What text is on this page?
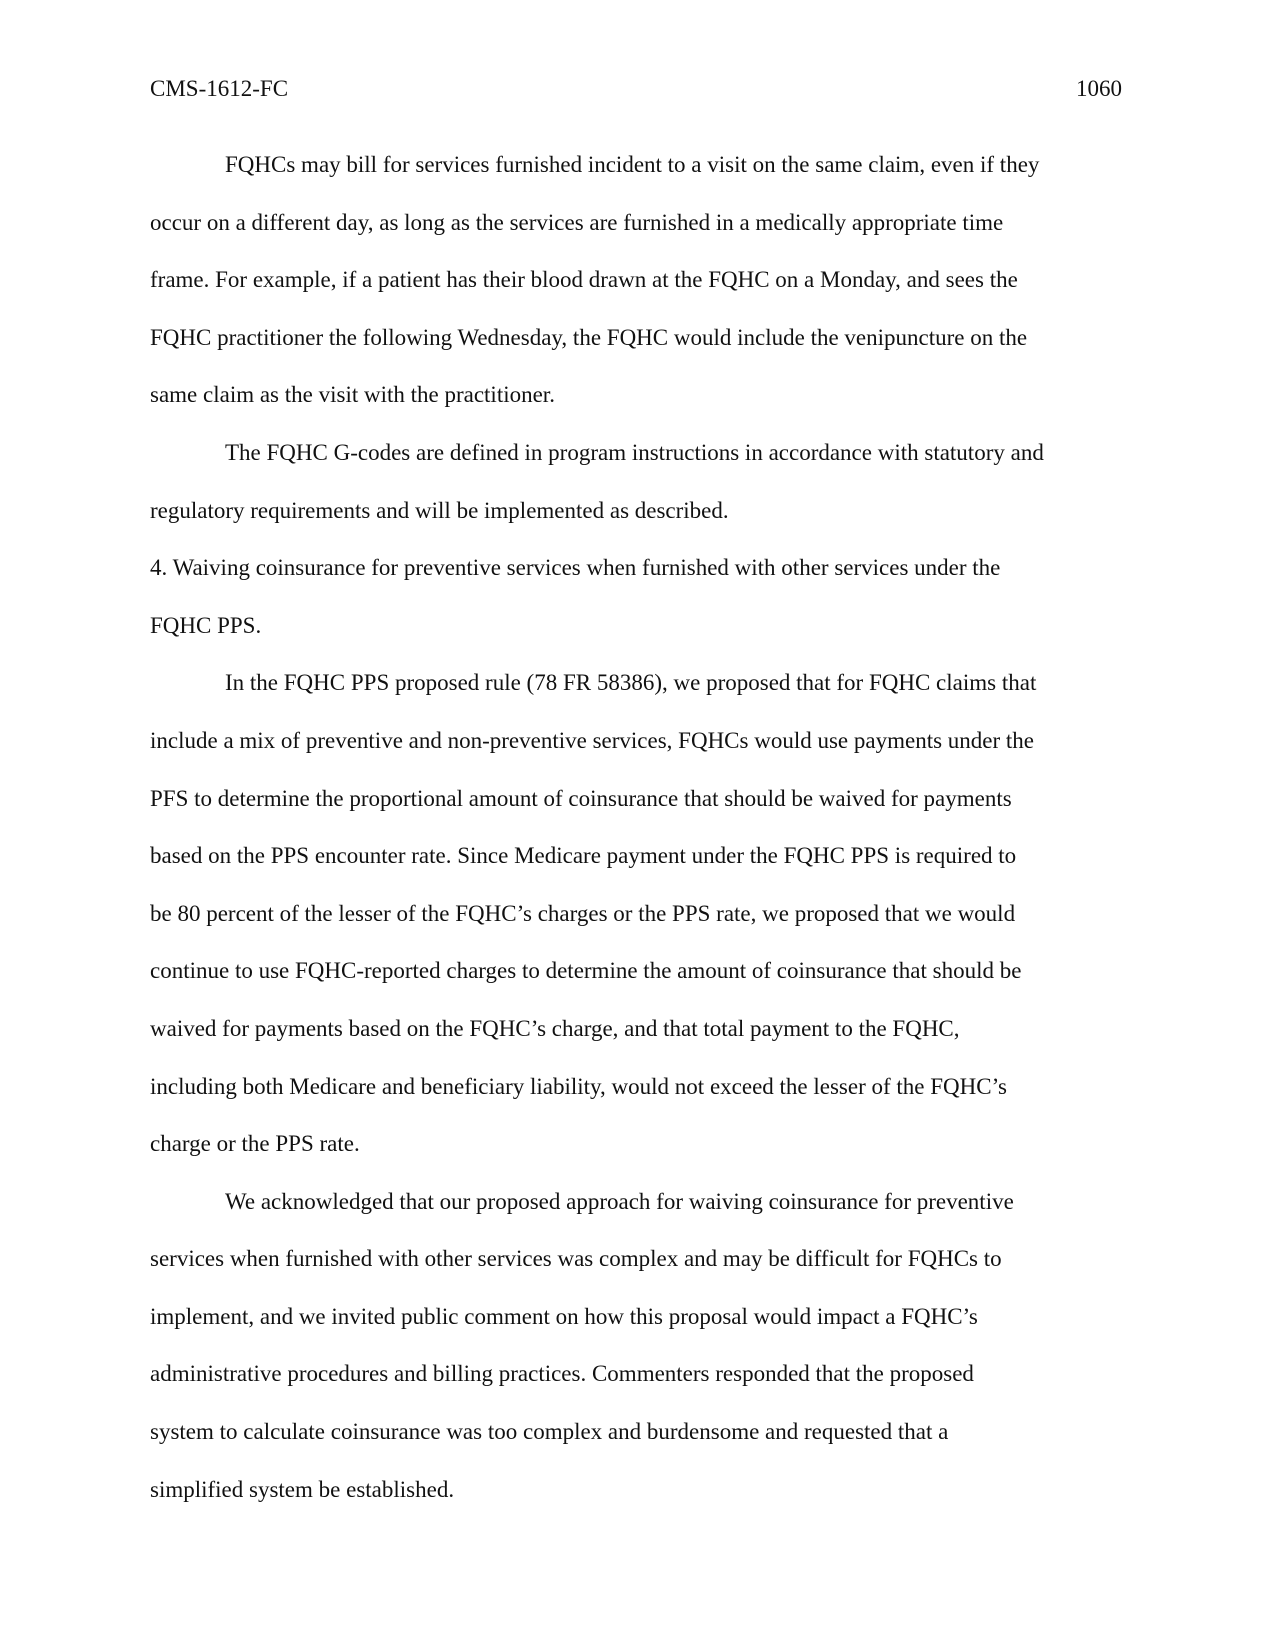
CMS-1612-FC	1060
FQHCs may bill for services furnished incident to a visit on the same claim, even if they
occur on a different day, as long as the services are furnished in a medically appropriate time
frame. For example, if a patient has their blood drawn at the FQHC on a Monday, and sees the
FQHC practitioner the following Wednesday, the FQHC would include the venipuncture on the
same claim as the visit with the practitioner.
The FQHC G-codes are defined in program instructions in accordance with statutory and
regulatory requirements and will be implemented as described.
4. Waiving coinsurance for preventive services when furnished with other services under the
FQHC PPS.
In the FQHC PPS proposed rule (78 FR 58386), we proposed that for FQHC claims that
include a mix of preventive and non-preventive services, FQHCs would use payments under the
PFS to determine the proportional amount of coinsurance that should be waived for payments
based on the PPS encounter rate. Since Medicare payment under the FQHC PPS is required to
be 80 percent of the lesser of the FQHC’s charges or the PPS rate, we proposed that we would
continue to use FQHC-reported charges to determine the amount of coinsurance that should be
waived for payments based on the FQHC’s charge, and that total payment to the FQHC,
including both Medicare and beneficiary liability, would not exceed the lesser of the FQHC’s
charge or the PPS rate.
We acknowledged that our proposed approach for waiving coinsurance for preventive
services when furnished with other services was complex and may be difficult for FQHCs to
implement, and we invited public comment on how this proposal would impact a FQHC’s
administrative procedures and billing practices. Commenters responded that the proposed
system to calculate coinsurance was too complex and burdensome and requested that a
simplified system be established.
